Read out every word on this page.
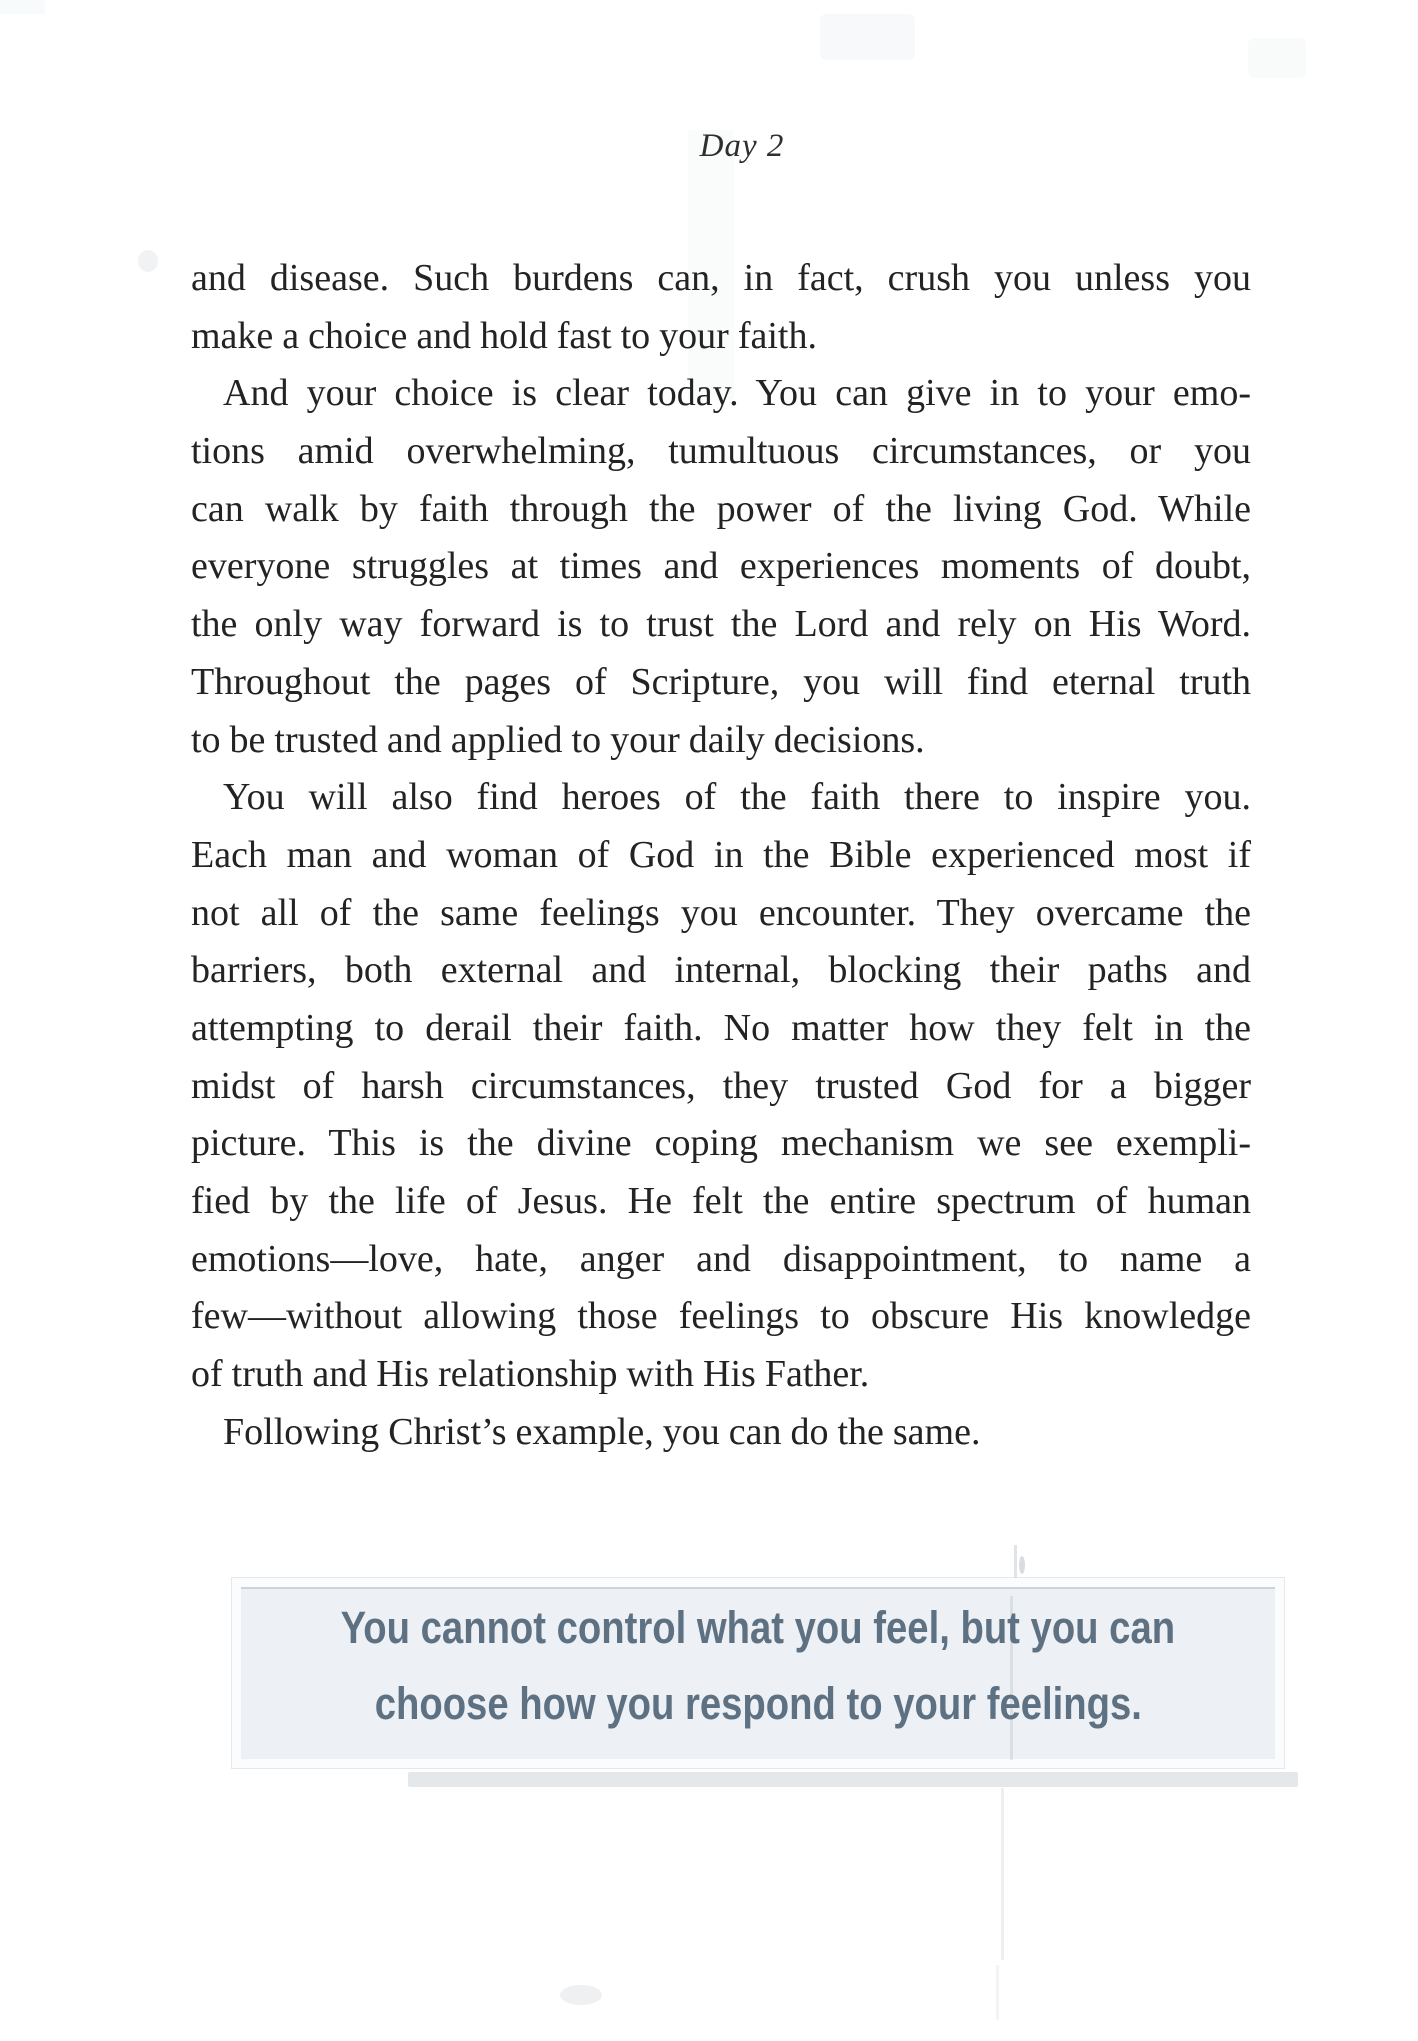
Day 2
and disease. Such burdens can, in fact, crush you unless you
make a choice and hold fast to your faith.
And your choice is clear today. You can give in to your emo-
tions amid overwhelming, tumultuous circumstances, or you
can walk by faith through the power of the living God. While
everyone struggles at times and experiences moments of doubt,
the only way forward is to trust the Lord and rely on His Word.
Throughout the pages of Scripture, you will find eternal truth
to be trusted and applied to your daily decisions.
You will also find heroes of the faith there to inspire you.
Each man and woman of God in the Bible experienced most if
not all of the same feelings you encounter. They overcame the
barriers, both external and internal, blocking their paths and
attempting to derail their faith. No matter how they felt in the
midst of harsh circumstances, they trusted God for a bigger
picture. This is the divine coping mechanism we see exempli-
fied by the life of Jesus. He felt the entire spectrum of human
emotions—love, hate, anger and disappointment, to name a
few—without allowing those feelings to obscure His knowledge
of truth and His relationship with His Father.
Following Christ’s example, you can do the same.
You cannot control what you feel, but you can
choose how you respond to your feelings.
